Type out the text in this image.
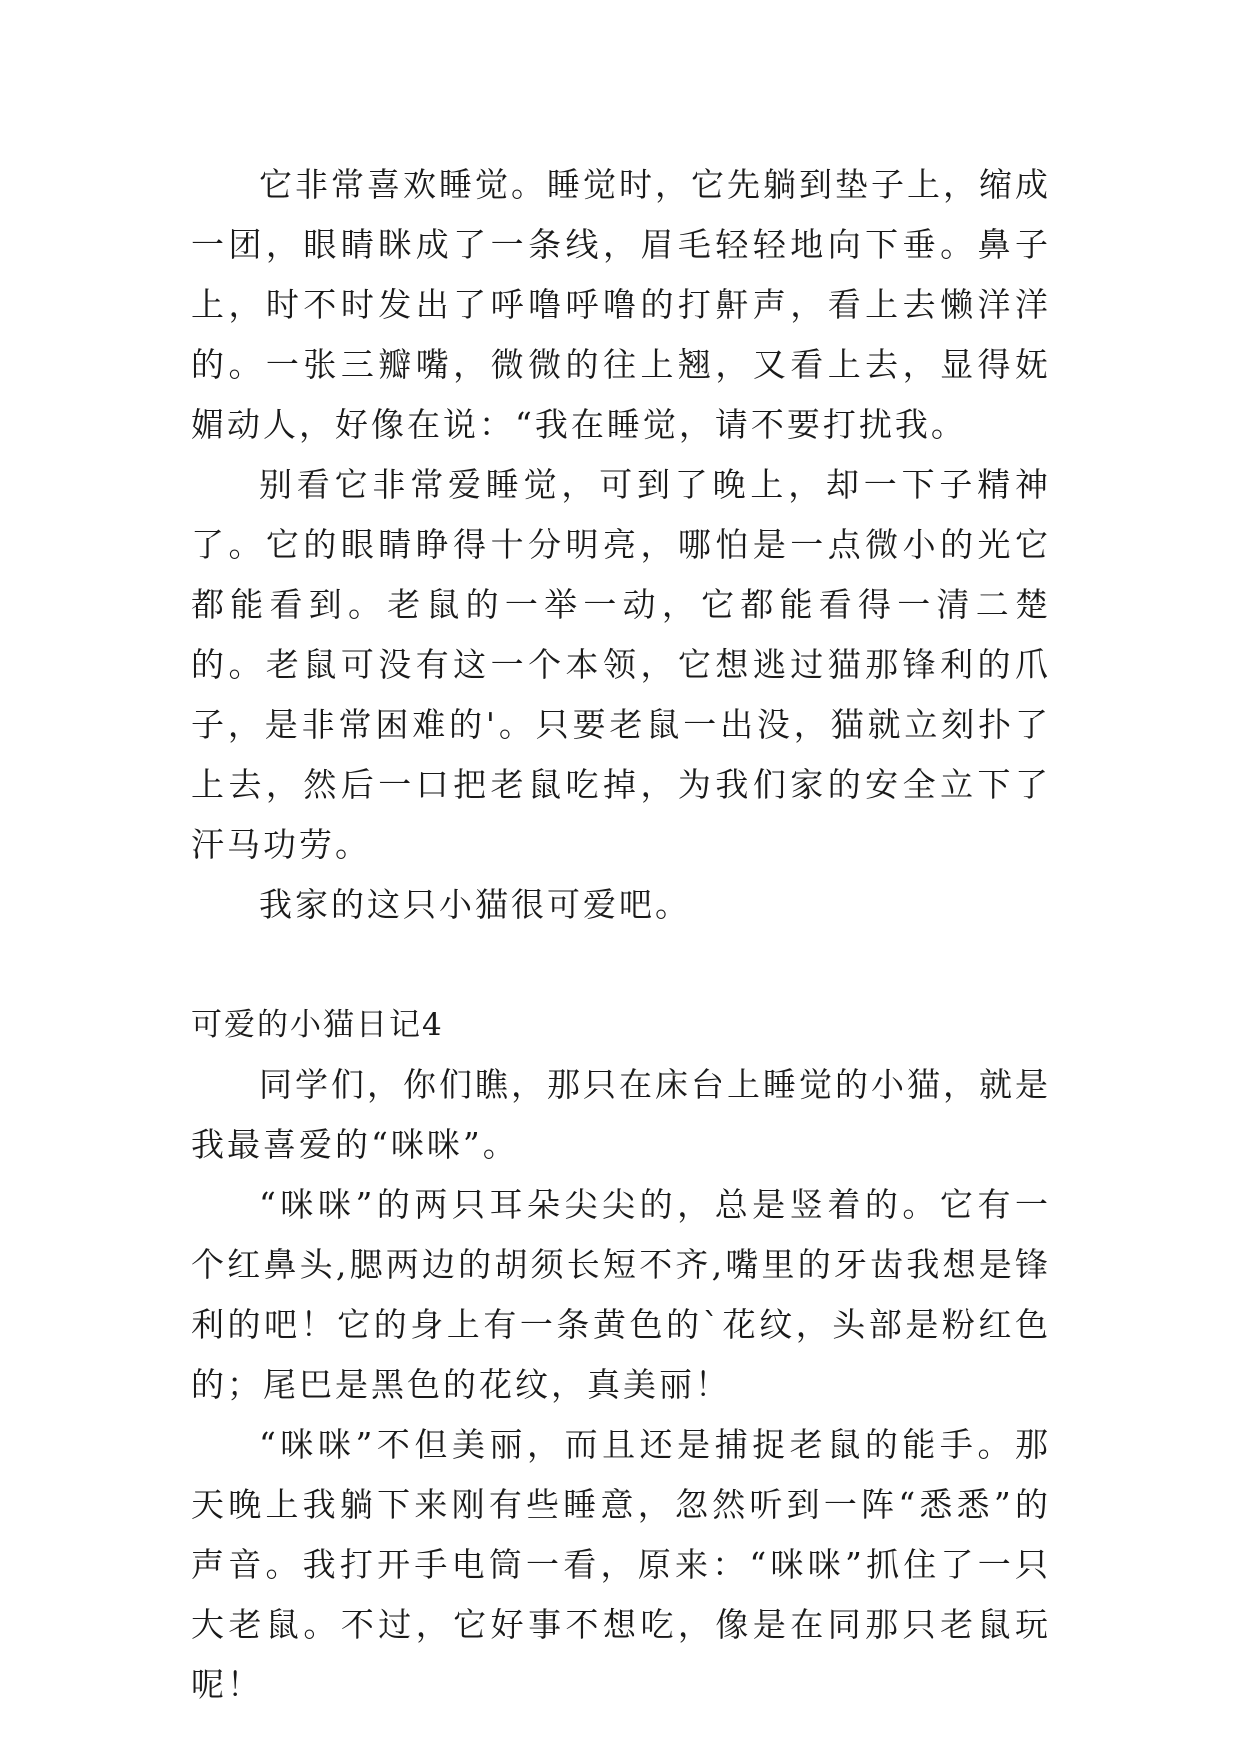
它非常喜欢睡觉。睡觉时，它先躺到垫子上，缩成一团，眼睛眯成了一条线，眉毛轻轻地向下垂。鼻子上，时不时发出了呼噜呼噜的打鼾声，看上去懒洋洋的。一张三瓣嘴，微微的往上翘，又看上去，显得妩媚动人，好像在说：“我在睡觉，请不要打扰我。

别看它非常爱睡觉，可到了晚上，却一下子精神了。它的眼睛睁得十分明亮，哪怕是一点微小的光它都能看到。老鼠的一举一动，它都能看得一清二楚的。老鼠可没有这一个本领，它想逃过猫那锋利的爪子，是非常困难的'。只要老鼠一出没，猫就立刻扑了上去，然后一口把老鼠吃掉，为我们家的安全立下了汗马功劳。

我家的这只小猫很可爱吧。

可爱的小猫日记4

同学们，你们瞧，那只在床台上睡觉的小猫，就是我最喜爱的“咪咪”。

“咪咪”的两只耳朵尖尖的，总是竖着的。它有一个红鼻头,腮两边的胡须长短不齐,嘴里的牙齿我想是锋利的吧！它的身上有一条黄色的`花纹，头部是粉红色的；尾巴是黑色的花纹，真美丽！

“咪咪”不但美丽，而且还是捕捉老鼠的能手。那天晚上我躺下来刚有些睡意，忽然听到一阵“悉悉”的声音。我打开手电筒一看，原来：“咪咪”抓住了一只大老鼠。不过，它好事不想吃，像是在同那只老鼠玩呢！
